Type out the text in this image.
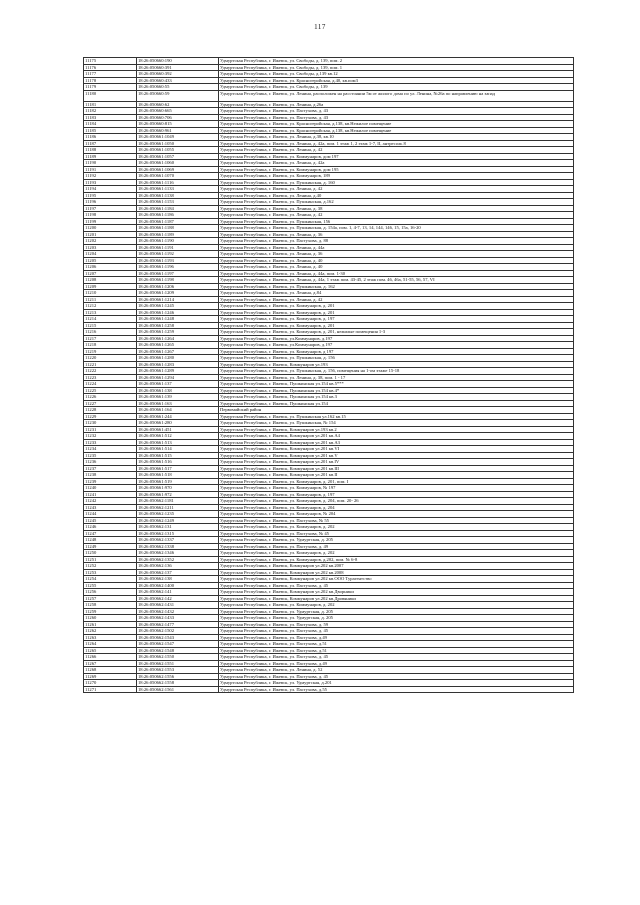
117
11175	18:26:050660:190	Удмуртская Республика, г. Ижевск, ул. Свободы, д. 139, пом. 2
11176	18:26:050660:391	Удмуртская Республика, г. Ижевск, ул. Свободы, д. 139, пом. 1
11177	18:26:050660:392	Удмуртская Республика, г. Ижевск, ул. Свободы, д.139 кв.12
11178	18:26:050660:433	Удмуртская Республика, г. Ижевск, ул. Красногеройская, д.40, кв.пом3
11179	18:26:050660:55	Удмуртская Республика, г. Ижевск, ул. Свободы, д. 139
11180	18:26:050660:59	Удмуртская Республика, г. Ижевск, ул. Ленина, расположен на расстоянии 5м от жилого дома по ул. Ленина, №26а по направлению на запад
11181	18:26:050660:62	Удмуртская Республика, г. Ижевск, ул. Ленина, д.26а
11182	18:26:050660:665	Удмуртская Республика, г. Ижевск, ул. Пастухова, д. 43
11183	18:26:050660:706	Удмуртская Республика, г. Ижевск, ул. Пастухова, д. 43
11184	18:26:050660:815	Удмуртская Республика, г. Ижевск, ул. Красногеройская, д.138, кв.Нежилое помещение
11185	18:26:050660:961	Удмуртская Республика, г. Ижевск, ул. Красногеройская, д.138, кв.Нежилое помещение
11186	18:26:050661:1049	Удмуртская Республика, г. Ижевск, ул. Ленина, д.38, кв.10
11187	18:26:050661:1050	Удмуртская Республика, г. Ижевск, ул. Ленина, д. 42а, пом. 1 этаж 1, 2 этаж 1-7, II, антресоль 8
11188	18:26:050661:1055	Удмуртская Республика, г. Ижевск, ул. Ленина, д. 42
11189	18:26:050661:1057	Удмуртская Республика, г. Ижевск, ул. Коммунаров, дом 197
11190	18:26:050661:1060	Удмуртская Республика, г. Ижевск, ул. Ленина, д. 42а
11191	18:26:050661:1069	Удмуртская Республика, г. Ижевск, ул. Коммунаров, дом 195
11192	18:26:050661:1070	Удмуртская Республика, г. Ижевск, ул. Коммунаров, 189
11193	18:26:050661:1116	Удмуртская Республика, г. Ижевск, ул. Пушкинская, д. 160
11194	18:26:050661:1133	Удмуртская Республика, г. Ижевск, ул. Ленина, д. 42
11195	18:26:050661:1138	Удмуртская Республика, г. Ижевск, ул. Ленина, д.40
11196	18:26:050661:1153	Удмуртская Республика, г. Ижевск, ул. Пушкинская, д.162
11197	18:26:050661:1184	Удмуртская Республика, г. Ижевск, ул. Ленина, д. 38
11198	18:26:050661:1186	Удмуртская Республика, г. Ижевск, ул. Ленина, д. 42
11199	18:26:050661:1187	Удмуртская Республика, г. Ижевск, ул. Пушкинская, 156
11200	18:26:050661:1188	Удмуртская Республика, г. Ижевск, ул. Пушкинская, д. 154а, пом. 1, 4-7, 13, 14, 144, 146, 15, 15а, 16-20
11201	18:26:050661:1189	Удмуртская Республика, г. Ижевск, ул. Ленина, д. 36
11202	18:26:050661:1190	Удмуртская Республика, г. Ижевск, ул. Пастухова, д. 88
11203	18:26:050661:1191	Удмуртская Республика, г. Ижевск, ул. Ленина, д. 44а
11204	18:26:050661:1192	Удмуртская Республика, г. Ижевск, ул. Ленина, д. 36
11205	18:26:050661:1193	Удмуртская Республика, г. Ижевск, ул. Ленина, д. 40
11206	18:26:050661:1196	Удмуртская Республика, г. Ижевск, ул. Ленина, д. 40
11207	18:26:050661:1197	Удмуртская Республика, г. Ижевск, ул. Ленина, д. 44а, пом. 1-30
11208	18:26:050661:1198	Удмуртская Республика, г. Ижевск, ул. Ленина, д. 44а, 1 этаж пом. 43-45, 2 этаж пом. 46, 46а, 51-55, 56, 57, VI
11209	18:26:050661:1206	Удмуртская Республика, г. Ижевск, ул. Пушкинская, д. 162
11210	18:26:050661:1209	Удмуртская Республика, г. Ижевск, ул. Ленина, д.84
11211	18:26:050661:1214	Удмуртская Республика, г. Ижевск, ул. Ленина, д. 42
11212	18:26:050661:1245	Удмуртская Республика, г. Ижевск, ул. Коммунаров, д. 201
11213	18:26:050661:1246	Удмуртская Республика, г. Ижевск, ул. Коммунаров, д. 201
11214	18:26:050661:1248	Удмуртская Республика, г. Ижевск, ул. Коммунаров, д. 197
11215	18:26:050661:1258	Удмуртская Республика, г. Ижевск, ул. Коммунаров, д. 201
11216	18:26:050661:1259	Удмуртская Республика, г. Ижевск, ул. Коммунаров, д. 201, нежилые помещения 1-3
11217	18:26:050661:1264	Удмуртская Республика, г. Ижевск, ул.Коммунаров, д.197
11218	18:26:050661:1265	Удмуртская Республика, г. Ижевск, ул.Коммунаров, д.197
11219	18:26:050661:1267	Удмуртская Республика, г. Ижевск, ул. Коммунаров, д 197
11220	18:26:050661:1280	Удмуртская Республика, г. Ижевск, ул. Пушкинская, д. 156
11221	18:26:050661:1283	Удмуртская Республика, г. Ижевск, Коммунаров ул.193
11222	18:26:050661:1289	Удмуртская Республика, г. Ижевск, ул. Пушкинская, д. 156, помещения на 1-ом этаже 15-18
11223	18:26:050661:1294	Удмуртская Республика, г. Ижевск, ул. Ленина, д. 38, пом. 1 - 17
11224	18:26:050661:137	Удмуртская Республика, г. Ижевск, Пушкинская ул.154 кв.5***
11225	18:26:050661:138	Удмуртская Республика, г. Ижевск, Пушкинская ул.154 кв.4*
11226	18:26:050661:139	Удмуртская Республика, г. Ижевск, Пушкинская ул.154 кв.3
11227	18:26:050661:163	Удмуртская Республика, г. Ижевск, Пушкинская ул.154
11228	18:26:050661:164	Первомайский район
11229	18:26:050661:244	Удмуртская Республика, г. Ижевск, ул. Пушкинская ул.162 кв.15
11230	18:26:050661:280	Удмуртская Республика, г. Ижевск, ул. Пушкинская, № 154
11231	18:26:050661:451	Удмуртская Республика, г. Ижевск, Коммунаров ул.193 кв.2
11232	18:26:050661:512	Удмуртская Республика, г. Ижевск, Коммунаров ул.201 кв.А4
11233	18:26:050661:513	Удмуртская Республика, г. Ижевск, Коммунаров ул.201 кв.А3
11234	18:26:050661:514	Удмуртская Республика, г. Ижевск, Коммунаров ул.201 кв.VI
11235	18:26:050661:515	Удмуртская Республика, г. Ижевск, Коммунаров ул.201 кв.V
11236	18:26:050661:516	Удмуртская Республика, г. Ижевск, Коммунаров ул.201 кв.IV
11237	18:26:050661:517	Удмуртская Республика, г. Ижевск, Коммунаров ул.201 кв.III
11238	18:26:050661:518	Удмуртская Республика, г. Ижевск, Коммунаров ул.201 кв.II
11239	18:26:050661:519	Удмуртская Республика, г. Ижевск, ул. Коммунаров, д. 201, пом. I
11240	18:26:050661:970	Удмуртская Республика, г. Ижевск, ул. Коммунаров, № 197
11241	18:26:050661:972	Удмуртская Республика, г. Ижевск, ул. Коммунаров, д. 197
11242	18:26:050662:1181	Удмуртская Республика, г. Ижевск, ул. Коммунаров, д. 204, пом. 20- 26
11243	18:26:050662:1211	Удмуртская Республика, г. Ижевск, ул. Коммунаров, д. 204
11244	18:26:050662:1235	Удмуртская Республика, г. Ижевск, ул. Коммунаров, № 204
11245	18:26:050662:1249	Удмуртская Республика, г. Ижевск, ул. Пастухова, № 55
11246	18:26:050662:131	Удмуртская Республика, г. Ижевск, ул. Коммунаров, д. 202
11247	18:26:050662:1315	Удмуртская Республика, г. Ижевск, ул. Пастухова, № 45
11248	18:26:050662:1337	Удмуртская Республика, г. Ижевск, ул. Удмуртская, д. 205
11249	18:26:050662:1338	Удмуртская Республика, г. Ижевск, ул. Пастухова, д. 49
11250	18:26:050662:1346	Удмуртская Республика, г. Ижевск, ул. Коммунаров, д. 202
11251	18:26:050662:1352	Удмуртская Республика, г. Ижевск, ул. Коммунаров, д.202, пом. № 6-8
11252	18:26:050662:136	Удмуртская Республика, г. Ижевск, Коммунаров ул.202 кв.2007
11253	18:26:050662:137	Удмуртская Республика, г. Ижевск, Коммунаров ул.202 кв.2008
11254	18:26:050662:138	Удмуртская Республика, г. Ижевск, Коммунаров ул.202 кв.ООО Турагентство
11255	18:26:050662:1400	Удмуртская Республика, г. Ижевск, ул. Пастухова, д. 45
11256	18:26:050662:141	Удмуртская Республика, г. Ижевск, Коммунаров ул.202 кв.Дворники
11257	18:26:050662:142	Удмуртская Республика, г. Ижевск, Коммунаров ул.202 кв.Дровяники
11258	18:26:050662:1431	Удмуртская Республика, г. Ижевск, ул. Коммунаров, д. 202
11259	18:26:050662:1432	Удмуртская Республика, г. Ижевск, ул. Удмуртская, д. 205
11260	18:26:050662:1433	Удмуртская Республика, г. Ижевск, ул. Удмуртская, д. 205
11261	18:26:050662:1477	Удмуртская Республика, г. Ижевск, ул. Пастухова, д. 59
11262	18:26:050662:1502	Удмуртская Республика, г. Ижевск, ул. Пастухова, д. 45
11263	18:26:050662:1543	Удмуртская Республика, г. Ижевск, ул. Пастухова, д.49
11264	18:26:050662:1547	Удмуртская Республика, г. Ижевск, ул. Пастухова, д.51
11265	18:26:050662:1548	Удмуртская Республика, г. Ижевск, ул. Пастухова, д.51
11266	18:26:050662:1550	Удмуртская Республика, г. Ижевск, ул. Пастухова, д. 45
11267	18:26:050662:1551	Удмуртская Республика, г. Ижевск, ул. Пастухова, д.49
11268	18:26:050662:1553	Удмуртская Республика, г. Ижевск, ул. Ленина, д. 52
11269	18:26:050662:1556	Удмуртская Республика, г. Ижевск, ул. Пастухова, д. 45
11270	18:26:050662:1558	Удмуртская Республика, г. Ижевск, ул. Удмуртская, д.201
11271	18:26:050662:1561	Удмуртская Республика, г. Ижевск, ул. Пастухова, д.55
